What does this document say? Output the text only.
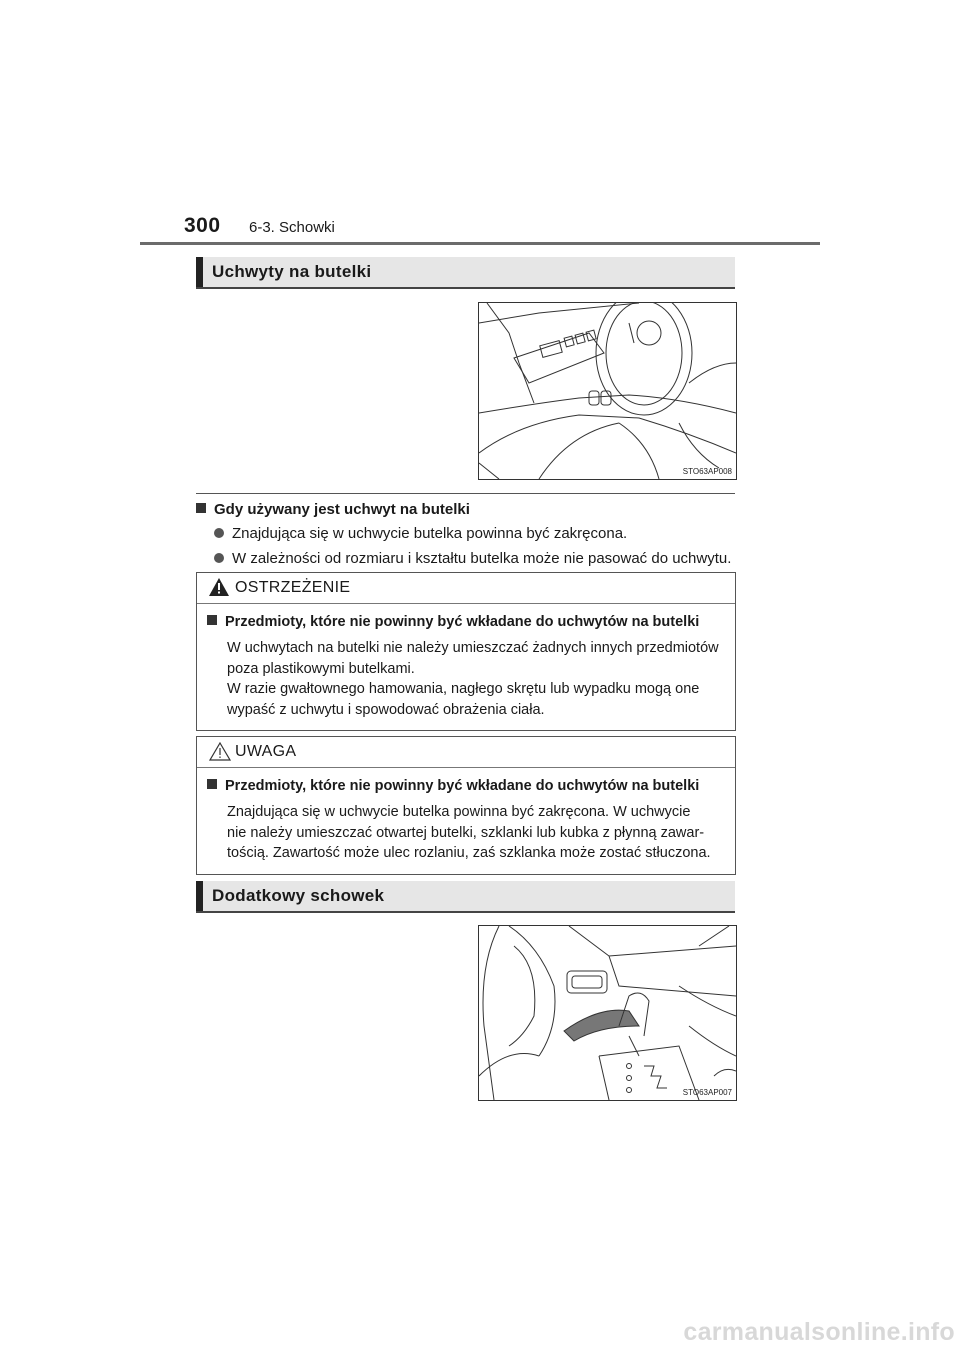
300 6-3. Schowki
Uchwyty na butelki
STO63AP008
Gdy używany jest uchwyt na butelki
Znajdująca się w uchwycie butelka powinna być zakręcona.
W zależności od rozmiaru i kształtu butelka może nie pasować do uchwytu.
OSTRZEŻENIE
Przedmioty, które nie powinny być wkładane do uchwytów na butelki
W uchwytach na butelki nie należy umieszczać żadnych innych przedmiotów
poza plastikowymi butelkami.
W razie gwałtownego hamowania, nagłego skrętu lub wypadku mogą one
wypaść z uchwytu i spowodować obrażenia ciała.
UWAGA
Przedmioty, które nie powinny być wkładane do uchwytów na butelki
Znajdująca się w uchwycie butelka powinna być zakręcona. W uchwycie
nie należy umieszczać otwartej butelki, szklanki lub kubka z płynną zawar-
tością. Zawartość może ulec rozlaniu, zaś szklanka może zostać stłuczona.
Dodatkowy schowek
STO63AP007
carmanualsonline.info
